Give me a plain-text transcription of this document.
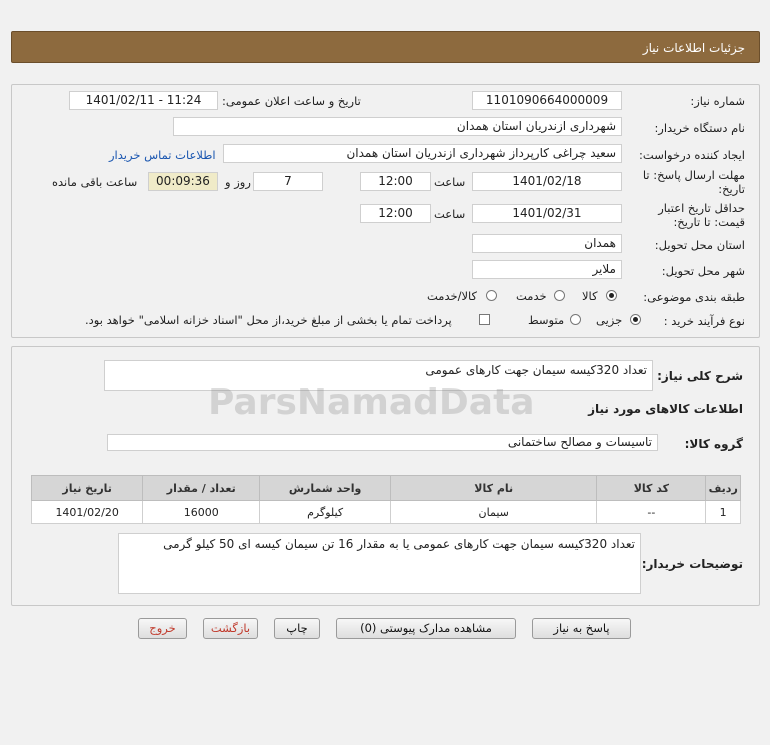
جزئیات اطلاعات نیاز
شماره نیاز:
1101090664000009
تاریخ و ساعت اعلان عمومی:
1401/02/11 - 11:24
نام دستگاه خریدار:
شهرداری ازندریان استان همدان
ایجاد کننده درخواست:
سعید چراغی کارپرداز شهرداری ازندریان استان همدان
اطلاعات تماس خریدار
مهلت ارسال پاسخ: تا
تاریخ:
1401/02/18
ساعت
12:00
7
روز و
00:09:36
ساعت باقی مانده
حداقل تاریخ اعتبار
قیمت: تا تاریخ:
1401/02/31
ساعت
12:00
استان محل تحویل:
همدان
شهر محل تحویل:
ملایر
طبقه بندی موضوعی:
کالا
خدمت
کالا/خدمت
نوع فرآیند خرید :
جزیی
متوسط
پرداخت تمام یا بخشی از مبلغ خرید،از محل "اسناد خزانه اسلامی" خواهد بود.
شرح کلی نیاز:
تعداد 320کیسه سیمان جهت کارهای عمومی
اطلاعات کالاهای مورد نیاز
گروه کالا:
تاسیسات و مصالح ساختمانی
ردیف	کد کالا	نام کالا	واحد شمارش	تعداد / مقدار	تاریخ نیاز
1	--	سیمان	کیلوگرم	16000	1401/02/20
توضیحات خریدار:
تعداد 320کیسه سیمان جهت کارهای عمومی یا به مقدار 16 تن سیمان کیسه ای 50 کیلو گرمی
ParsNamadData
پاسخ به نیاز
مشاهده مدارک پیوستی (0)
چاپ
بازگشت
خروج
